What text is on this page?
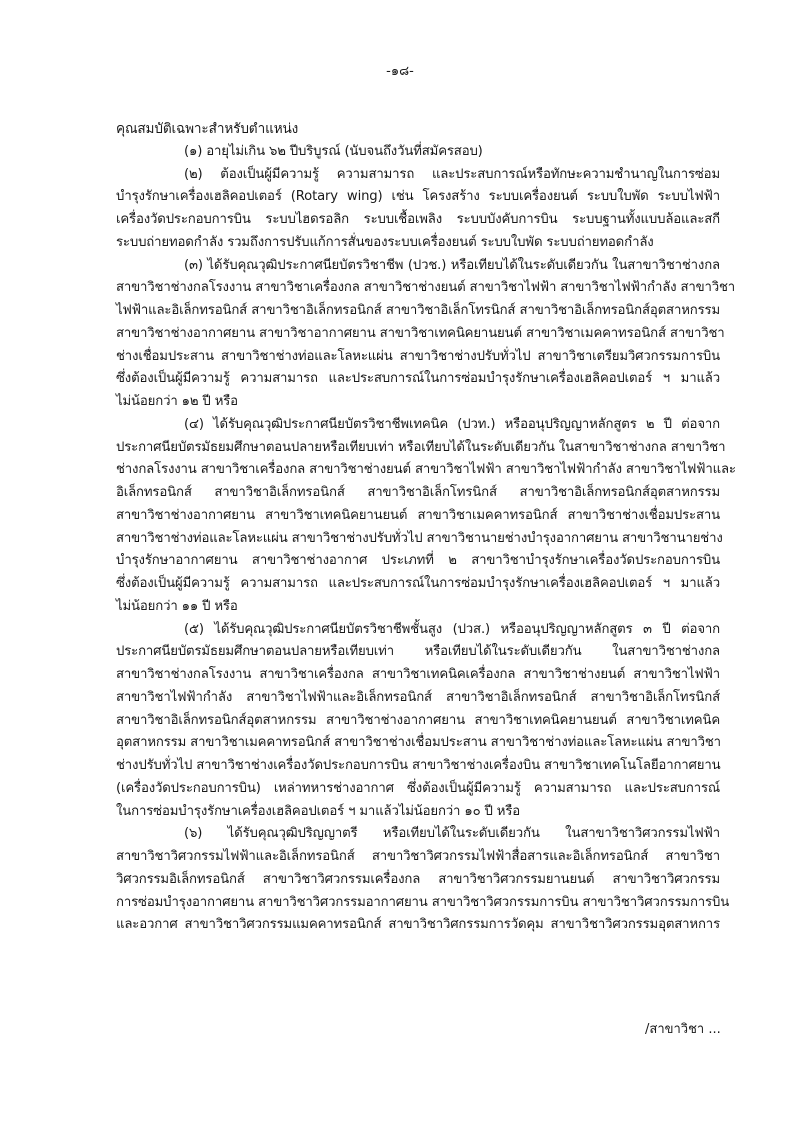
-๑๘-
คุณสมบัติเฉพาะสำหรับตำแหน่ง
(๑) อายุไม่เกิน ๖๒ ปีบริบูรณ์ (นับจนถึงวันที่สมัครสอบ)
(๒) ต้องเป็นผู้มีความรู้ ความสามารถ และประสบการณ์หรือทักษะความชำนาญในการซ่อม
บำรุงรักษาเครื่องเฮลิคอปเตอร์ (Rotary wing) เช่น โครงสร้าง ระบบเครื่องยนต์ ระบบใบพัด ระบบไฟฟ้า
เครื่องวัดประกอบการบิน ระบบไฮดรอลิก ระบบเชื้อเพลิง ระบบบังคับการบิน ระบบฐานทั้งแบบล้อและสกี
ระบบถ่ายทอดกำลัง รวมถึงการปรับแก้การสั่นของระบบเครื่องยนต์ ระบบใบพัด ระบบถ่ายทอดกำลัง
(๓) ได้รับคุณวุฒิประกาศนียบัตรวิชาชีพ (ปวช.) หรือเทียบได้ในระดับเดียวกัน ในสาขาวิชาช่างกล
สาขาวิชาช่างกลโรงงาน สาขาวิชาเครื่องกล สาขาวิชาช่างยนต์ สาขาวิชาไฟฟ้า สาขาวิชาไฟฟ้ากำลัง สาขาวิชา
ไฟฟ้าและอิเล็กทรอนิกส์ สาขาวิชาอิเล็กทรอนิกส์ สาขาวิชาอิเล็กโทรนิกส์ สาขาวิชาอิเล็กทรอนิกส์อุตสาหกรรม
สาขาวิชาช่างอากาศยาน สาขาวิชาอากาศยาน สาขาวิชาเทคนิคยานยนต์ สาขาวิชาเมคคาทรอนิกส์ สาขาวิชา
ช่างเชื่อมประสาน สาขาวิชาช่างท่อและโลหะแผ่น สาขาวิชาช่างปรับทั่วไป สาขาวิชาเตรียมวิศวกรรมการบิน
ซึ่งต้องเป็นผู้มีความรู้ ความสามารถ และประสบการณ์ในการซ่อมบำรุงรักษาเครื่องเฮลิคอปเตอร์ ฯ มาแล้ว
ไม่น้อยกว่า ๑๒ ปี หรือ
(๔) ได้รับคุณวุฒิประกาศนียบัตรวิชาชีพเทคนิค (ปวท.) หรืออนุปริญญาหลักสูตร ๒ ปี ต่อจาก
ประกาศนียบัตรมัธยมศึกษาตอนปลายหรือเทียบเท่า หรือเทียบได้ในระดับเดียวกัน ในสาขาวิชาช่างกล สาขาวิชา
ช่างกลโรงงาน สาขาวิชาเครื่องกล สาขาวิชาช่างยนต์ สาขาวิชาไฟฟ้า สาขาวิชาไฟฟ้ากำลัง สาขาวิชาไฟฟ้าและ
อิเล็กทรอนิกส์ สาขาวิชาอิเล็กทรอนิกส์ สาขาวิชาอิเล็กโทรนิกส์ สาขาวิชาอิเล็กทรอนิกส์อุตสาหกรรม
สาขาวิชาช่างอากาศยาน สาขาวิชาเทคนิคยานยนต์ สาขาวิชาเมคคาทรอนิกส์ สาขาวิชาช่างเชื่อมประสาน
สาขาวิชาช่างท่อและโลหะแผ่น สาขาวิชาช่างปรับทั่วไป สาขาวิชานายช่างบำรุงอากาศยาน สาขาวิชานายช่าง
บำรุงรักษาอากาศยาน สาขาวิชาช่างอากาศ ประเภทที่ ๒ สาขาวิชาบำรุงรักษาเครื่องวัดประกอบการบิน
ซึ่งต้องเป็นผู้มีความรู้ ความสามารถ และประสบการณ์ในการซ่อมบำรุงรักษาเครื่องเฮลิคอปเตอร์ ฯ มาแล้ว
ไม่น้อยกว่า ๑๑ ปี หรือ
(๕) ได้รับคุณวุฒิประกาศนียบัตรวิชาชีพชั้นสูง (ปวส.) หรืออนุปริญญาหลักสูตร ๓ ปี ต่อจาก
ประกาศนียบัตรมัธยมศึกษาตอนปลายหรือเทียบเท่า หรือเทียบได้ในระดับเดียวกัน ในสาขาวิชาช่างกล
สาขาวิชาช่างกลโรงงาน สาขาวิชาเครื่องกล สาขาวิชาเทคนิคเครื่องกล สาขาวิชาช่างยนต์ สาขาวิชาไฟฟ้า
สาขาวิชาไฟฟ้ากำลัง สาขาวิชาไฟฟ้าและอิเล็กทรอนิกส์ สาขาวิชาอิเล็กทรอนิกส์ สาขาวิชาอิเล็กโทรนิกส์
สาขาวิชาอิเล็กทรอนิกส์อุตสาหกรรม สาขาวิชาช่างอากาศยาน สาขาวิชาเทคนิคยานยนต์ สาขาวิชาเทคนิค
อุตสาหกรรม สาขาวิชาเมคคาทรอนิกส์ สาขาวิชาช่างเชื่อมประสาน สาขาวิชาช่างท่อและโลหะแผ่น สาขาวิชา
ช่างปรับทั่วไป สาขาวิชาช่างเครื่องวัดประกอบการบิน สาขาวิชาช่างเครื่องบิน สาขาวิชาเทคโนโลยีอากาศยาน
(เครื่องวัดประกอบการบิน) เหล่าทหารช่างอากาศ ซึ่งต้องเป็นผู้มีความรู้ ความสามารถ และประสบการณ์
ในการซ่อมบำรุงรักษาเครื่องเฮลิคอปเตอร์ ฯ มาแล้วไม่น้อยกว่า ๑๐ ปี หรือ
(๖) ได้รับคุณวุฒิปริญญาตรี หรือเทียบได้ในระดับเดียวกัน ในสาขาวิชาวิศวกรรมไฟฟ้า
สาขาวิชาวิศวกรรมไฟฟ้าและอิเล็กทรอนิกส์ สาขาวิชาวิศวกรรมไฟฟ้าสื่อสารและอิเล็กทรอนิกส์ สาขาวิชา
วิศวกรรมอิเล็กทรอนิกส์ สาขาวิชาวิศวกรรมเครื่องกล สาขาวิชาวิศวกรรมยานยนต์ สาขาวิชาวิศวกรรม
การซ่อมบำรุงอากาศยาน สาขาวิชาวิศวกรรมอากาศยาน สาขาวิชาวิศวกรรมการบิน สาขาวิชาวิศวกรรมการบิน
และอวกาศ สาขาวิชาวิศวกรรมแมคคาทรอนิกส์ สาขาวิชาวิศกรรมการวัดคุม สาขาวิชาวิศวกรรมอุตสาหการ
/สาขาวิชา ...
